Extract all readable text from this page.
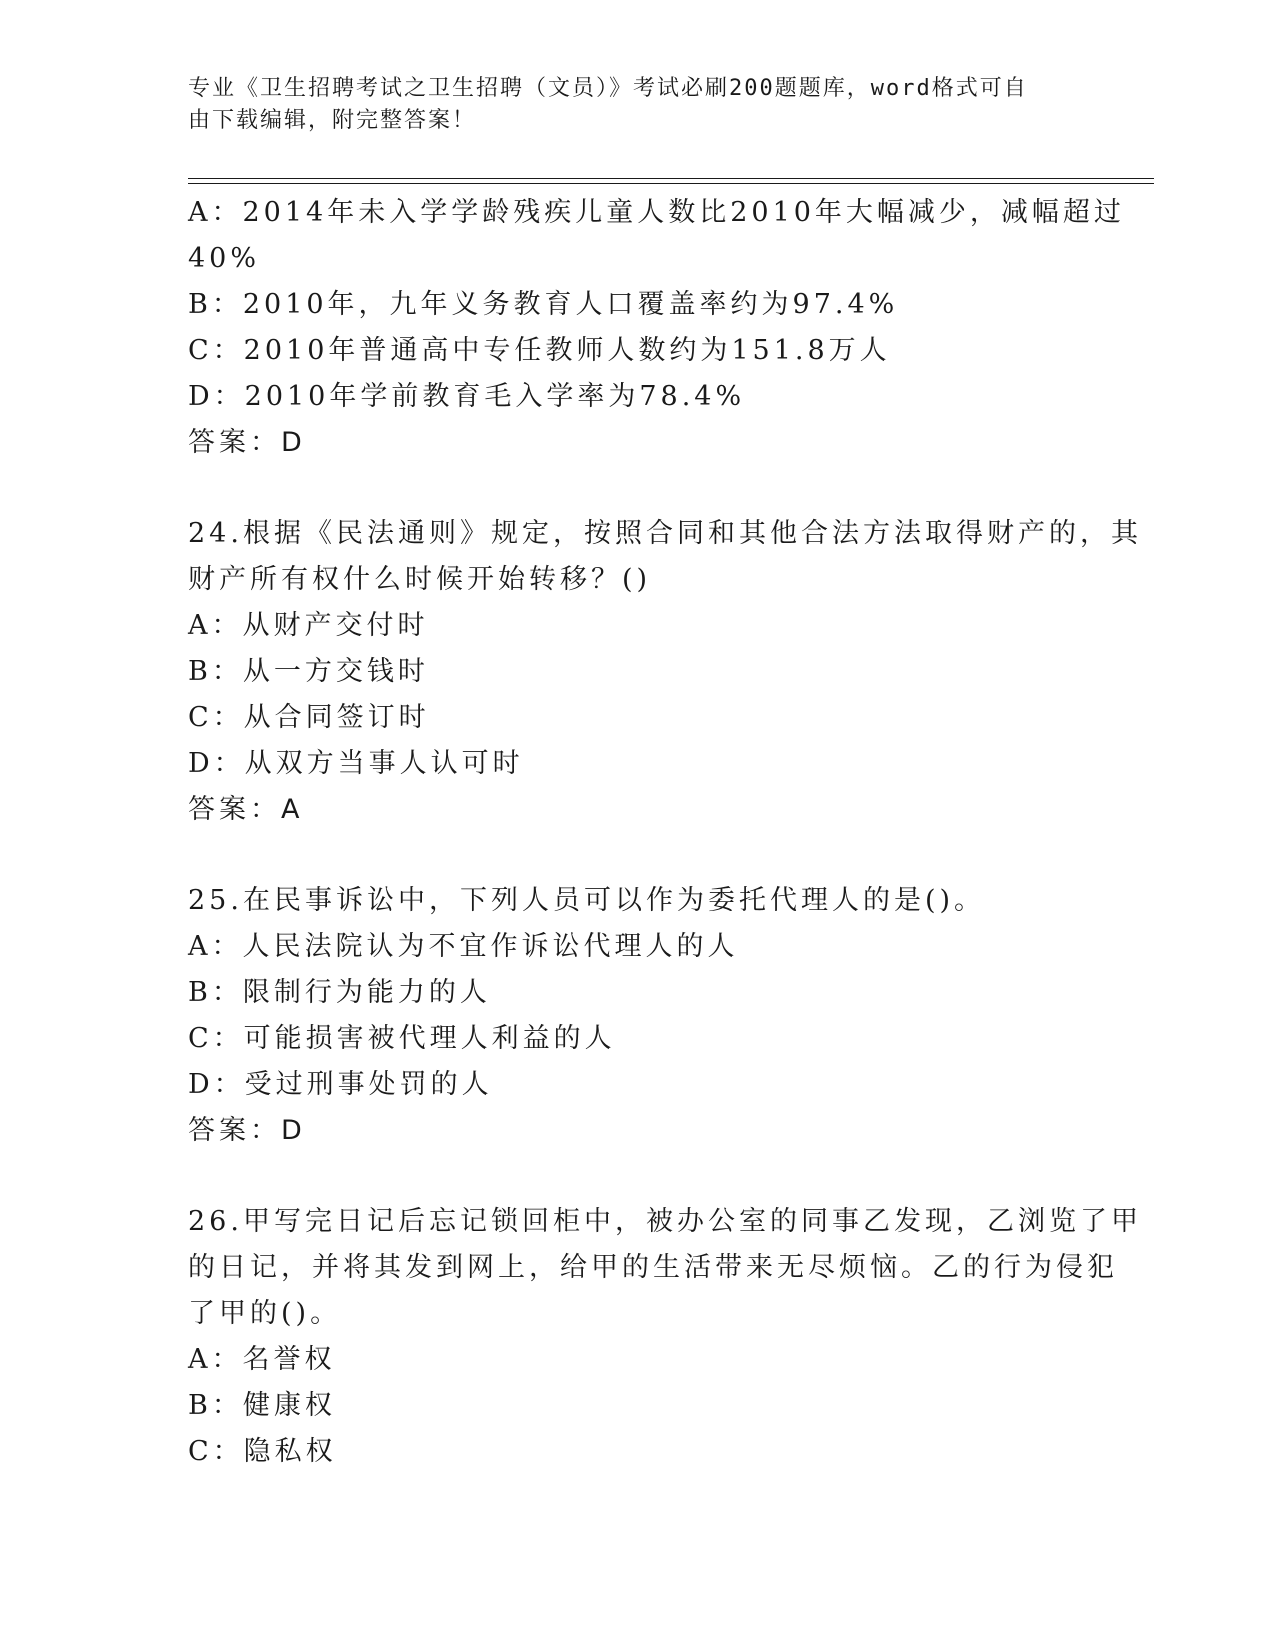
专业《卫生招聘考试之卫生招聘（文员）》考试必刷200题题库，word格式可自
由下载编辑，附完整答案！
A：2014年未入学学龄残疾儿童人数比2010年大幅减少，减幅超过
40%
B：2010年，九年义务教育人口覆盖率约为97.4%
C：2010年普通高中专任教师人数约为151.8万人
D：2010年学前教育毛入学率为78.4%
答案：D
24.根据《民法通则》规定，按照合同和其他合法方法取得财产的，其
财产所有权什么时候开始转移？()
A：从财产交付时
B：从一方交钱时
C：从合同签订时
D：从双方当事人认可时
答案：A
25.在民事诉讼中，下列人员可以作为委托代理人的是()。
A：人民法院认为不宜作诉讼代理人的人
B：限制行为能力的人
C：可能损害被代理人利益的人
D：受过刑事处罚的人
答案：D
26.甲写完日记后忘记锁回柜中，被办公室的同事乙发现，乙浏览了甲
的日记，并将其发到网上，给甲的生活带来无尽烦恼。乙的行为侵犯
了甲的()。
A：名誉权
B：健康权
C：隐私权
